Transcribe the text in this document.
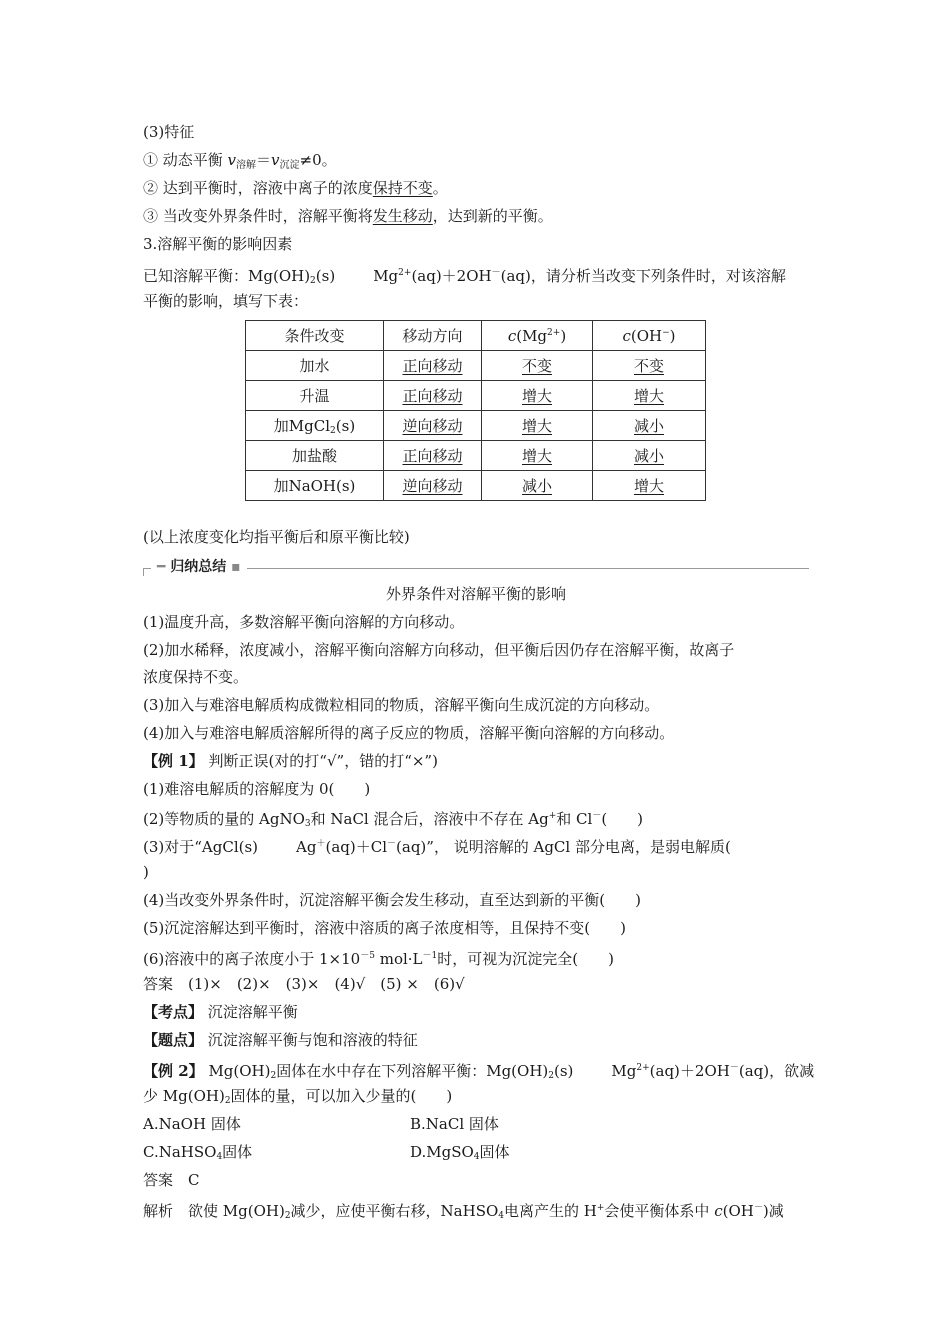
(3)特征
① 动态平衡 $v_{溶解}=v_{沉淀}\ne 0$。
② 达到平衡时，溶液中离子的浓度保持不变。
③ 当改变外界条件时，溶解平衡将发生移动，达到新的平衡。
3.溶解平衡的影响因素
已知溶解平衡：$Mg(OH)_2(s)$	$Mg^{2+}(aq)+2OH^-(aq)$，请分析当改变下列条件时，对该溶解
平衡的影响，填写下表：
条件改变	移动方向	$c(Mg^{2+})$	c(OH−)
加水	正向移动	不变	不变
升温	正向移动	增大	增大
加MgCl$_2$(s)	逆向移动	增大	减小
加盐酸	正向移动	增大	减小
加NaOH(s)	逆向移动	减小	增大
(以上浓度变化均指平衡后和原平衡比较)
━ 归纳总结 ▪
外界条件对溶解平衡的影响
(1)温度升高，多数溶解平衡向溶解的方向移动。
(2)加水稀释，浓度减小，溶解平衡向溶解方向移动，但平衡后因仍存在溶解平衡，故离子
浓度保持不变。
(3)加入与难溶电解质构成微粒相同的物质，溶解平衡向生成沉淀的方向移动。
(4)加入与难溶电解质溶解所得的离子反应的物质，溶解平衡向溶解的方向移动。
【例 1】 判断正误(对的打“√”，错的打“×”)
(1)难溶电解质的溶解度为 0(　　)
(2)等物质的量的 AgNO$_3$和 NaCl 混合后，溶液中不存在 Ag+和 Cl－(　　)
(3)对于“AgCl(s)	Ag＋(aq)＋Cl－(aq)”， 说明溶解的 AgCl 部分电离，是弱电解质(
)
(4)当改变外界条件时，沉淀溶解平衡会发生移动，直至达到新的平衡(　　)
(5)沉淀溶解达到平衡时，溶液中溶质的离子浓度相等，且保持不变(　　)
(6)溶液中的离子浓度小于 $1\times 10^{-5}$ $mol\cdot L^{-1}$时，可视为沉淀完全(　　)
答案　(1)×　(2)×　(3)×　(4)√　(5) ×　(6)√
【考点】 沉淀溶解平衡
【题点】 沉淀溶解平衡与饱和溶液的特征
【例 2】 $Mg(OH)_2$固体在水中存在下列溶解平衡：$Mg(OH)_2(s)$	$Mg^{2+}(aq)+2OH^-(aq)$，欲减
少 $Mg(OH)_2$固体的量，可以加入少量的(　　)
A.NaOH 固体	B.NaCl 固体
C.NaHSO$_4$固体	D.MgSO$_4$固体
答案　C
解析　欲使 $Mg(OH)_2$减少，应使平衡右移，NaHSO$_4$电离产生的 H+会使平衡体系中 c(OH－)减
